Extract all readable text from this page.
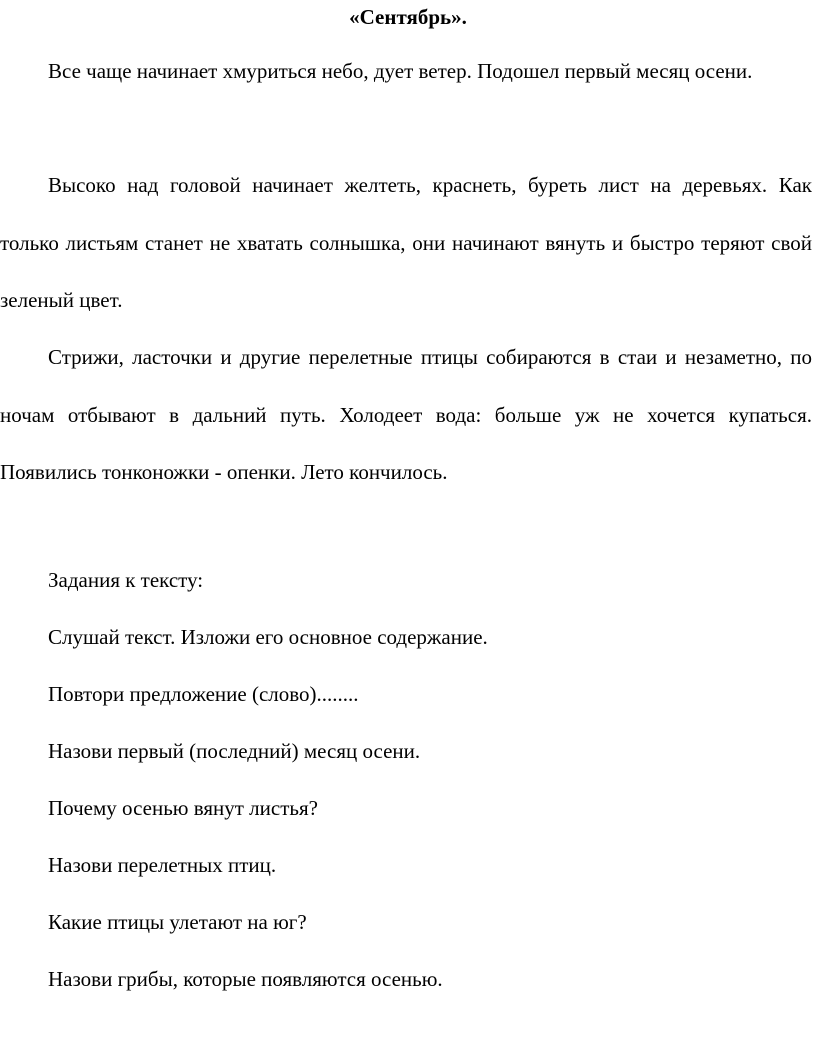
«Сентябрь».

Все чаще начинает хмуриться небо, дует ветер. Подошел первый месяц осени.

Высоко над головой начинает желтеть, краснеть, буреть лист на деревьях. Как только листьям станет не хватать солнышка, они начинают вянуть и быстро теряют свой зеленый цвет.

Стрижи, ласточки и другие перелетные птицы собираются в стаи и незаметно, по ночам отбывают в дальний путь. Холодеет вода: больше уж не хочется купаться. Появились тонконожки - опенки. Лето кончилось.

Задания к тексту:

Слушай текст. Изложи его основное содержание.

Повтори предложение (слово)........

Назови первый (последний) месяц осени.

Почему осенью вянут листья?

Назови перелетных птиц.

Какие птицы улетают на юг?

Назови грибы, которые появляются осенью.
